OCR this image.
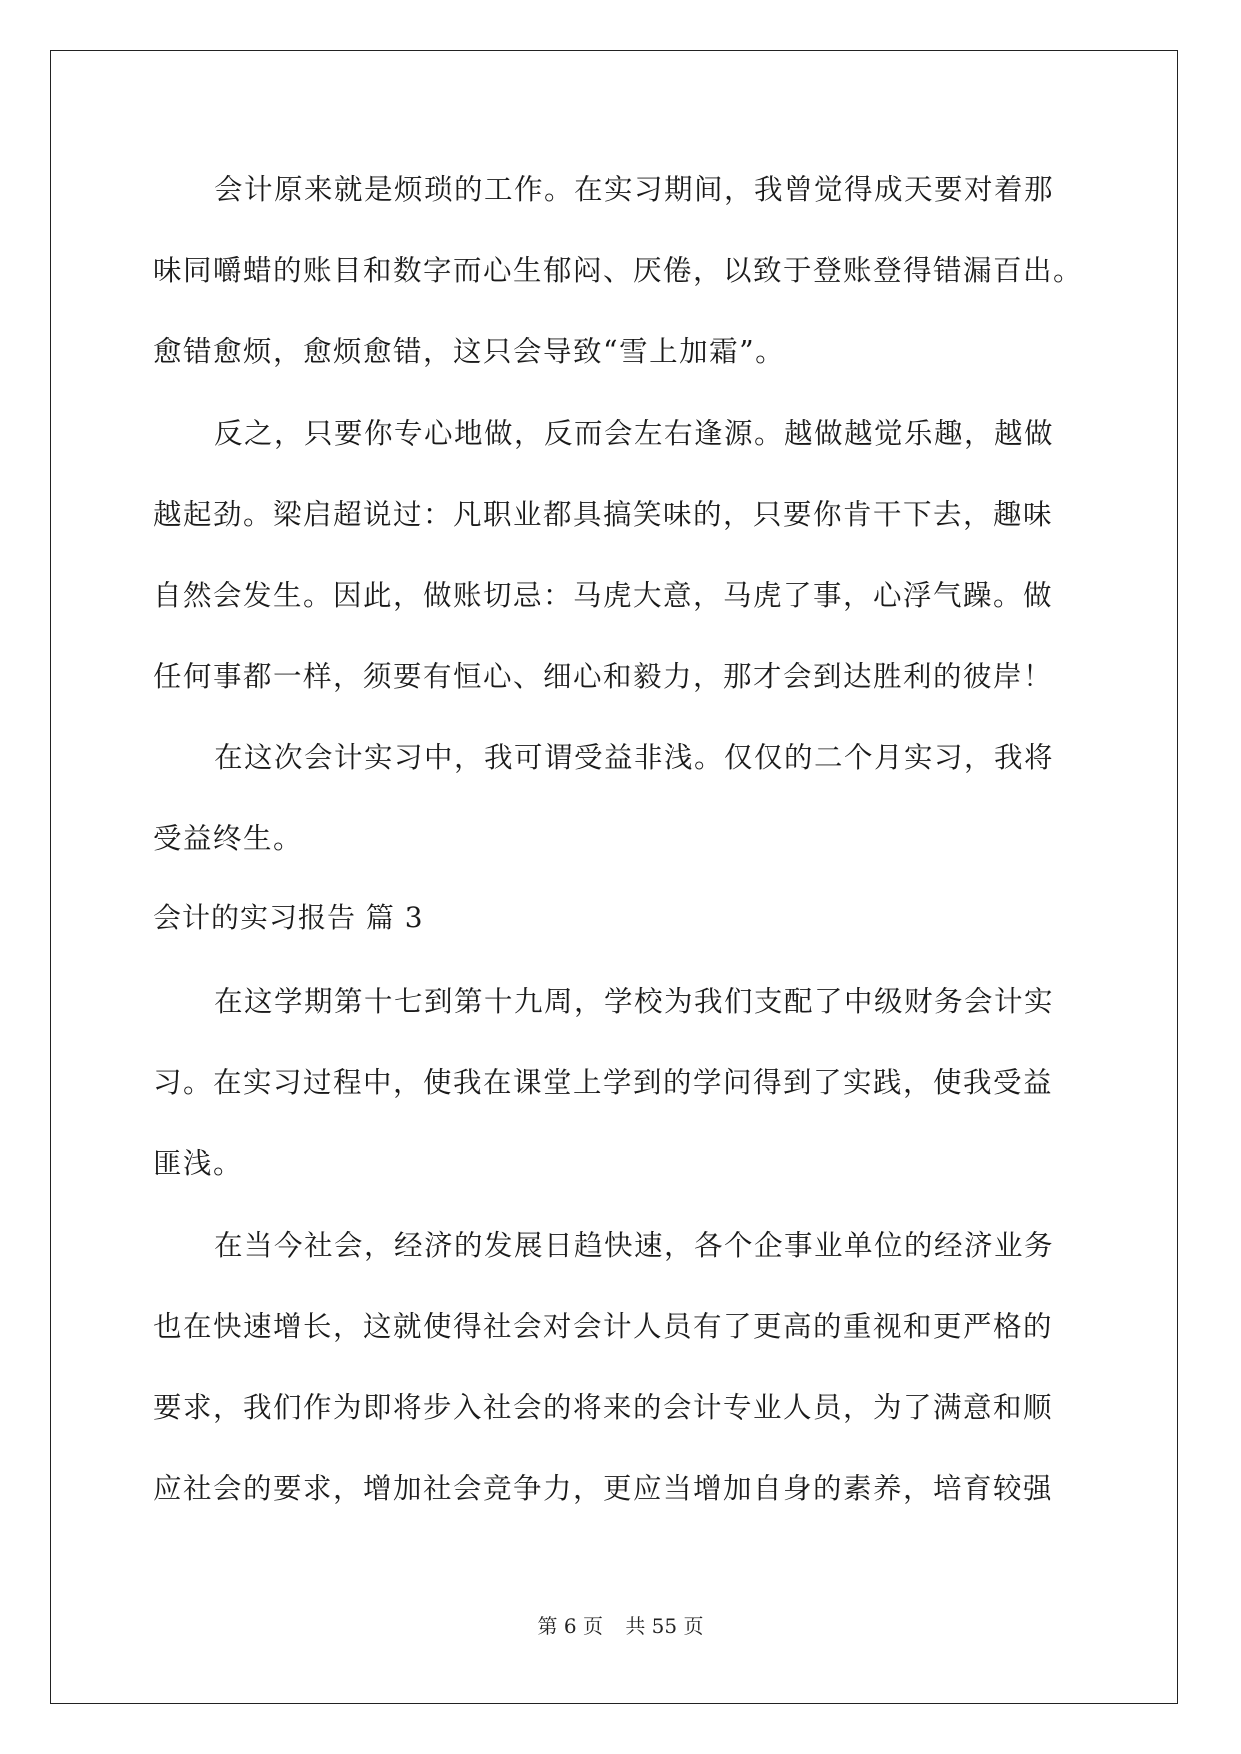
会计原来就是烦琐的工作。在实习期间，我曾觉得成天要对着那
味同嚼蜡的账目和数字而心生郁闷、厌倦，以致于登账登得错漏百出。
愈错愈烦，愈烦愈错，这只会导致“雪上加霜”。
反之，只要你专心地做，反而会左右逢源。越做越觉乐趣，越做
越起劲。梁启超说过：凡职业都具搞笑味的，只要你肯干下去，趣味
自然会发生。因此，做账切忌：马虎大意，马虎了事，心浮气躁。做
任何事都一样，须要有恒心、细心和毅力，那才会到达胜利的彼岸！
在这次会计实习中，我可谓受益非浅。仅仅的二个月实习，我将
受益终生。
会计的实习报告 篇 3
在这学期第十七到第十九周，学校为我们支配了中级财务会计实
习。在实习过程中，使我在课堂上学到的学问得到了实践，使我受益
匪浅。
在当今社会，经济的发展日趋快速，各个企事业单位的经济业务
也在快速增长，这就使得社会对会计人员有了更高的重视和更严格的
要求，我们作为即将步入社会的将来的会计专业人员，为了满意和顺
应社会的要求，增加社会竞争力，更应当增加自身的素养，培育较强
第 6 页 共 55 页
